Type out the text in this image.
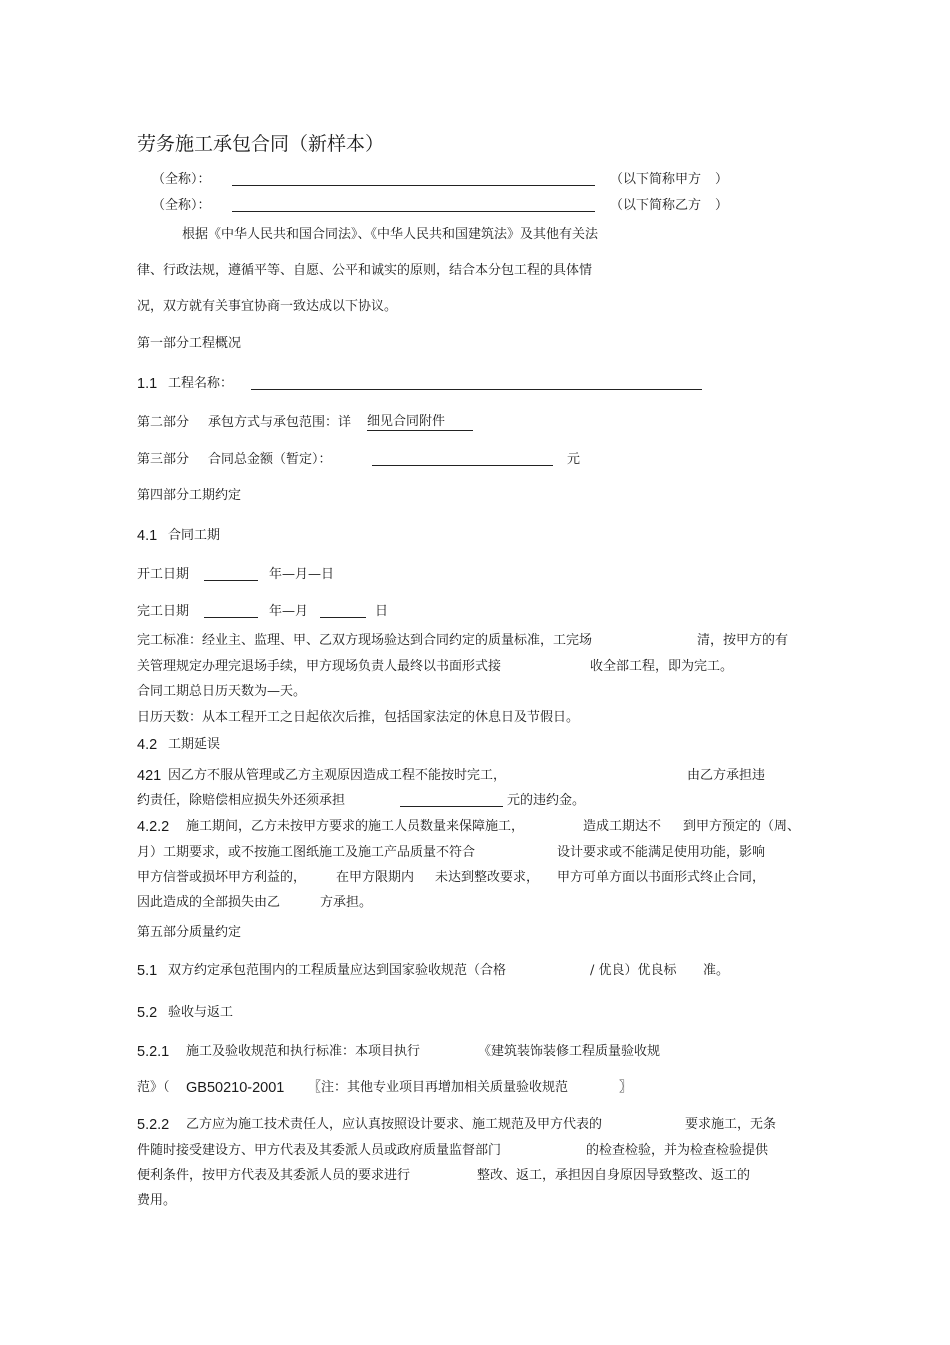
劳务施工承包合同（新样本）
（全称）：	（以下简称甲方 ）
（全称）：	（以下简称乙方 ）
根据《中华人民共和国合同法》、《中华人民共和国建筑法》及其他有关法
律、行政法规，遵循平等、自愿、公平和诚实的原则，结合本分包工程的具体情
况，双方就有关事宜协商一致达成以下协议。
第一部分工程概况
1.1 工程名称：
第二部分 承包方式与承包范围：详 细见合同附件
第三部分 合同总金额（暂定）：	元
第四部分工期约定
4.1 合同工期
开工日期	年—月—日
完工日期	年—月	日
完工标准：经业主、监理、甲、乙双方现场验达到合同约定的质量标准，工完场	清，按甲方的有
关管理规定办理完退场手续，甲方现场负责人最终以书面形式接	收全部工程，即为完工。
合同工期总日历天数为—天。
日历天数：从本工程开工之日起依次后推，包括国家法定的休息日及节假日。
4.2 工期延误
421 因乙方不服从管理或乙方主观原因造成工程不能按时完工，	由乙方承担违
约责任，除赔偿相应损失外还须承担	元的违约金。
4.2.2 施工期间，乙方未按甲方要求的施工人员数量来保障施工，	造成工期达不 到甲方预定的（周、
月）工期要求，或不按施工图纸施工及施工产品质量不符合	设计要求或不能满足使用功能，影响
甲方信誉或损坏甲方利益的， 在甲方限期内 未达到整改要求， 甲方可单方面以书面形式终止合同，
因此造成的全部损失由乙	方承担。
第五部分质量约定
5.1 双方约定承包范围内的工程质量应达到国家验收规范（合格	/ 优良）优良标 准。
5.2 验收与返工
5.2.1 施工及验收规范和执行标准：本项目执行	《建筑装饰装修工程质量验收规
范》（ GB50210-2001 〖注：其他专业项目再增加相关质量验收规范	〗
5.2.2 乙方应为施工技术责任人，应认真按照设计要求、施工规范及甲方代表的	要求施工，无条
件随时接受建设方、甲方代表及其委派人员或政府质量监督部门	的检查检验，并为检查检验提供
便利条件，按甲方代表及其委派人员的要求进行	整改、返工，承担因自身原因导致整改、返工的
费用。
